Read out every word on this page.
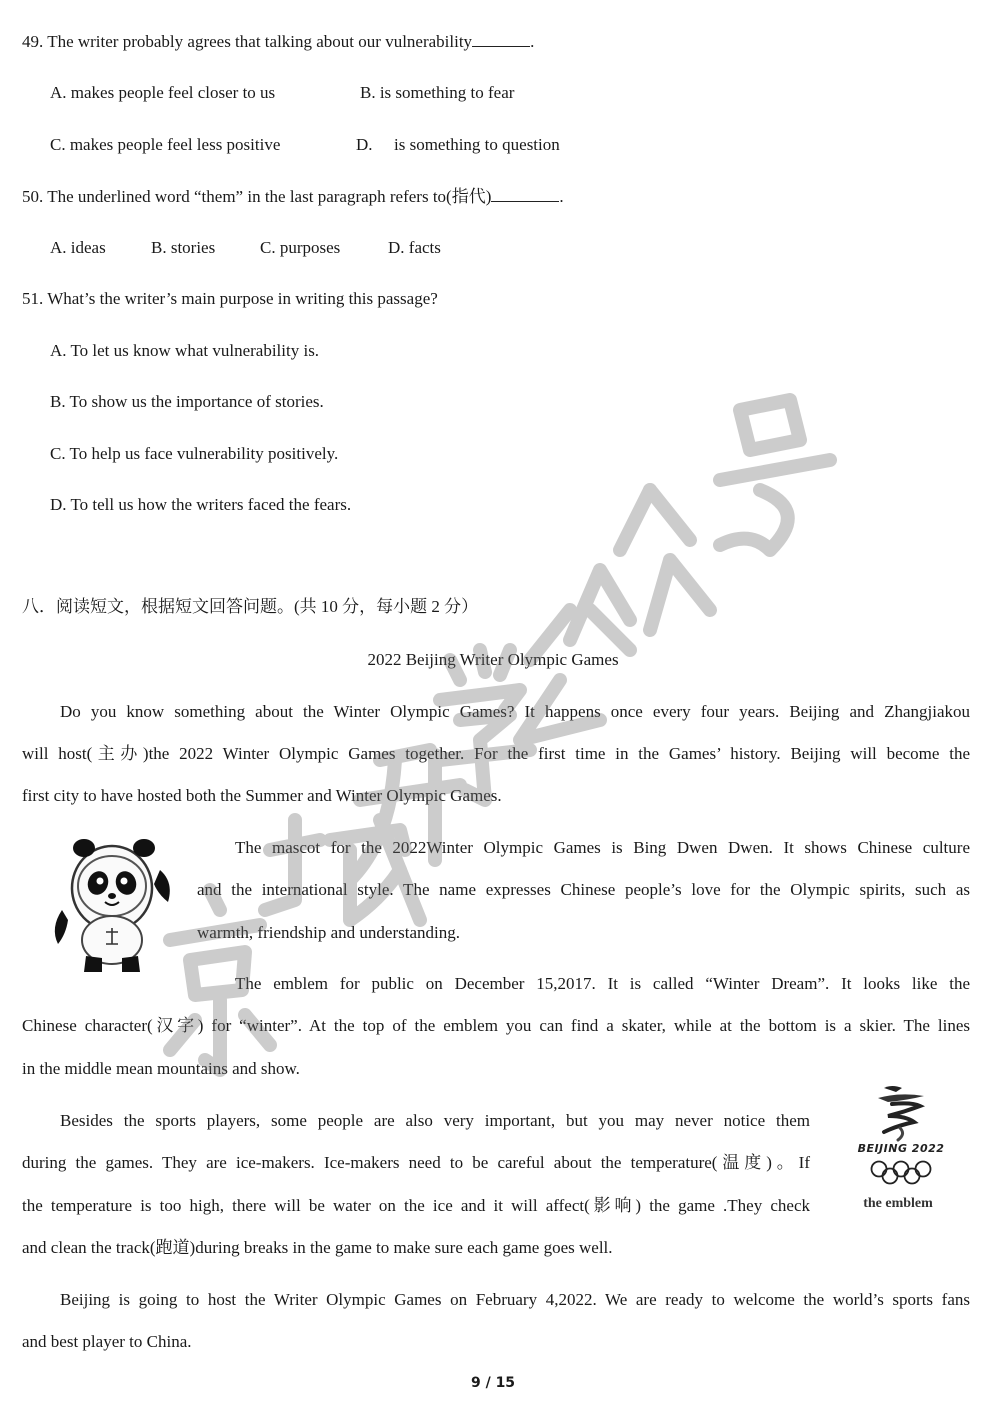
49. The writer probably agrees that talking about our vulnerability	.
A. makes people feel closer to us	B. is something to fear
C. makes people feel less positive	D. is something to question
50. The underlined word “them” in the last paragraph refers to(指代)	.
A. ideas	B. stories	C. purposes	D. facts
51. What’s the writer’s main purpose in writing this passage?
A. To let us know what vulnerability is.
B. To show us the importance of stories.
C. To help us face vulnerability positively.
D. To tell us how the writers faced the fears.
八．阅读短文，根据短文回答问题。(共 10 分，每小题 2 分）
2022 Beijing Writer Olympic Games
Do you know something about the Winter Olympic Games? It happens once every four years. Beijing and Zhangjiakou
will host(主办)the 2022 Winter Olympic Games together. For the first time in the Games’ history. Beijing will become the
first city to have hosted both the Summer and Winter Olympic Games.
The mascot for the 2022Winter Olympic Games is Bing Dwen Dwen. It shows Chinese culture
and the international style. The name expresses Chinese people’s love for the Olympic spirits, such as
warmth, friendship and understanding.
The emblem for public on December 15,2017. It is called “Winter Dream”. It looks like the
Chinese character(汉字) for “winter”. At the top of the emblem you can find a skater, while at the bottom is a skier. The lines
in the middle mean mountains and show.
Besides the sports players, some people are also very important, but you may never notice them
during the games. They are ice-makers. Ice-makers need to be careful about the temperature(温度)。If
the temperature is too high, there will be water on the ice and it will affect(影响) the game .They check
and clean the track(跑道)during breaks in the game to make sure each game goes well.
BEIJING 2022
the emblem
Beijing is going to host the Writer Olympic Games on February 4,2022. We are ready to welcome the world’s sports fans
and best player to China.
9 / 15
